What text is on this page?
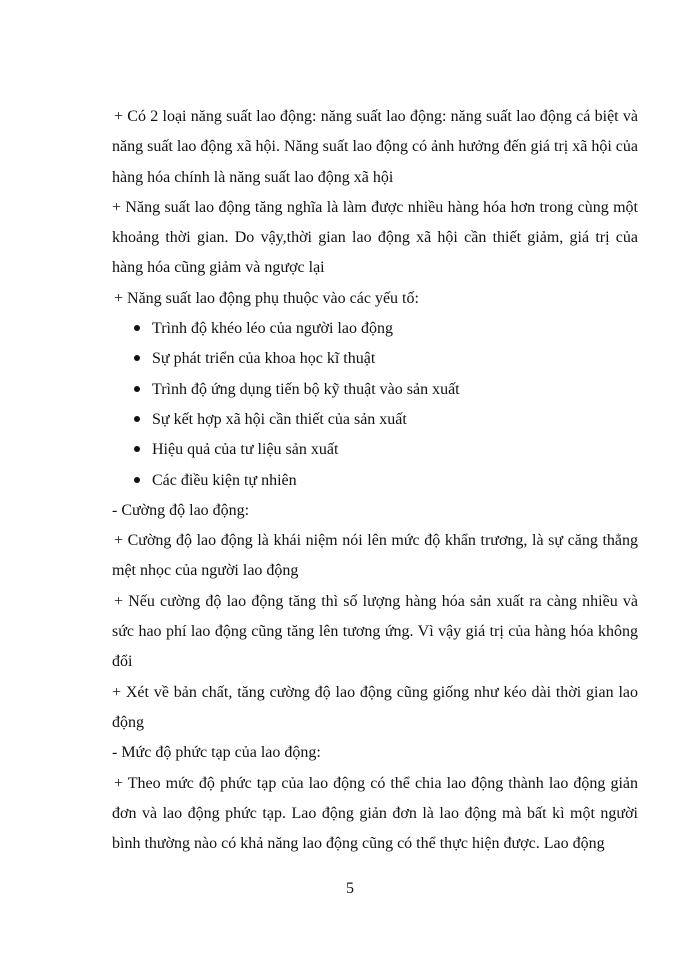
+ Có 2 loại năng suất lao động: năng suất lao động: năng suất lao động cá biệt và năng suất lao động xã hội. Năng suất lao động có ảnh hưởng đến giá trị xã hội của hàng hóa chính là năng suất lao động xã hội

+ Năng suất lao động tăng nghĩa là làm được nhiều hàng hóa hơn trong cùng một khoảng thời gian. Do vậy,thời gian lao động xã hội cần thiết giảm, giá trị của hàng hóa cũng giảm và ngược lại

+ Năng suất lao động phụ thuộc vào các yếu tố:

Trình độ khéo léo của người lao động
Sự phát triển của khoa học kĩ thuật
Trình độ ứng dụng tiến bộ kỹ thuật vào sản xuất
Sự kết hợp xã hội cần thiết của sản xuất
Hiệu quả của tư liệu sản xuất
Các điều kiện tự nhiên

- Cường độ lao động:

+ Cường độ lao động là khái niệm nói lên mức độ khẩn trương, là sự căng thẳng mệt nhọc của người lao động

+ Nếu cường độ lao động tăng thì số lượng hàng hóa sản xuất ra càng nhiều và sức hao phí lao động cũng tăng lên tương ứng. Vì vậy giá trị của hàng hóa không đổi

+ Xét về bản chất, tăng cường độ lao động cũng giống như kéo dài thời gian lao động

- Mức độ phức tạp của lao động:

+ Theo mức độ phức tạp của lao động có thể chia lao động thành lao động giản đơn và lao động phức tạp. Lao động giản đơn là lao động mà bất kì một người bình thường nào có khả năng lao động cũng có thể thực hiện được. Lao động

5
